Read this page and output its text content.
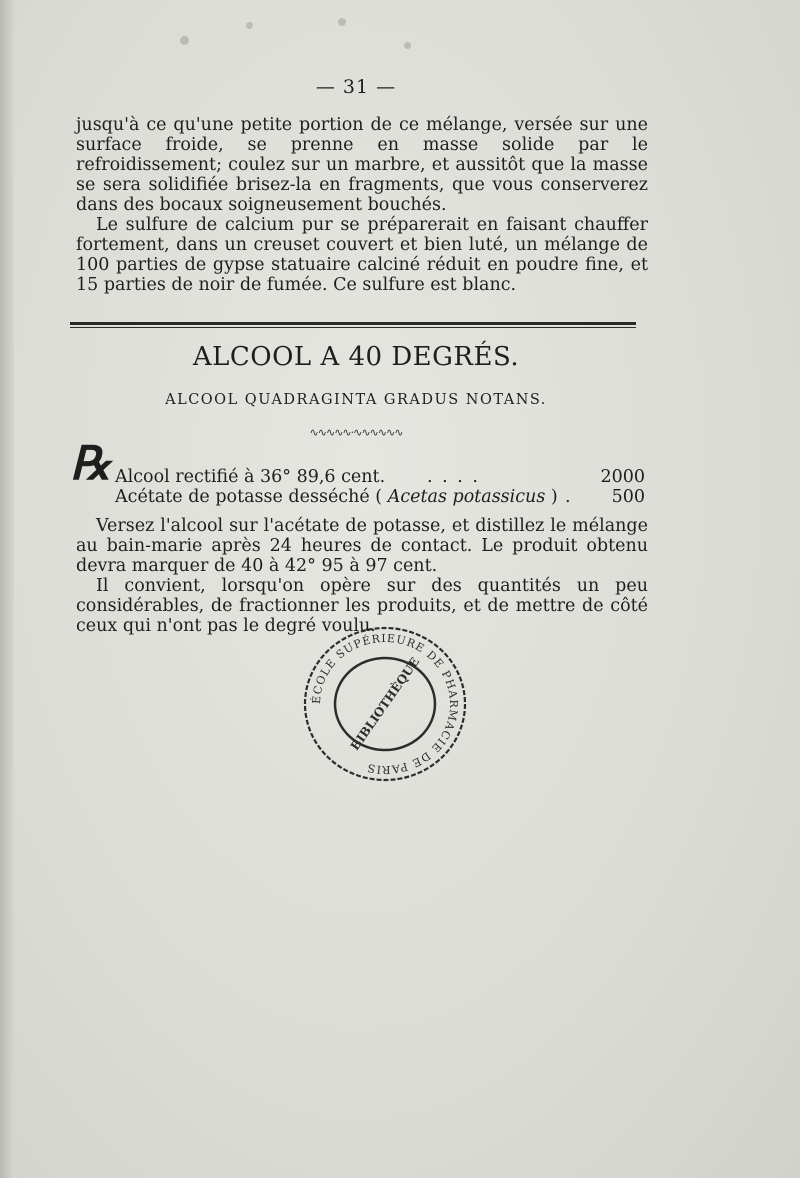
— 31 —

jusqu'à ce qu'une petite portion de ce mélange, versée sur une surface froide, se prenne en masse solide par le refroidissement; coulez sur un marbre, et aussitôt que la masse se sera solidifiée brisez-la en fragments, que vous conserverez dans des bocaux soigneusement bouchés.

Le sulfure de calcium pur se préparerait en faisant chauffer fortement, dans un creuset couvert et bien luté, un mélange de 100 parties de gypse statuaire calciné réduit en poudre fine, et 15 parties de noir de fumée. Ce sulfure est blanc.

ALCOOL A 40 DEGRÉS.
ALCOOL QUADRAGINTA GRADUS NOTANS.
∿∿∿∿∿·∿∿∿∿∿∿
℞ Alcool rectifié à 36° 89,6 cent. . . . .	2000
Acétate de potasse desséché ( Acetas potassicus ) . 500

Versez l'alcool sur l'acétate de potasse, et distillez le mélange au bain-marie après 24 heures de contact. Le produit obtenu devra marquer de 40 à 42° 95 à 97 cent.

Il convient, lorsqu'on opère sur des quantités un peu considérables, de fractionner les produits, et de mettre de côté ceux qui n'ont pas le degré voulu.

ÉCOLE SUPÉRIEURE DE PHARMACIE DE PARIS
BIBLIOTHÈQUE
